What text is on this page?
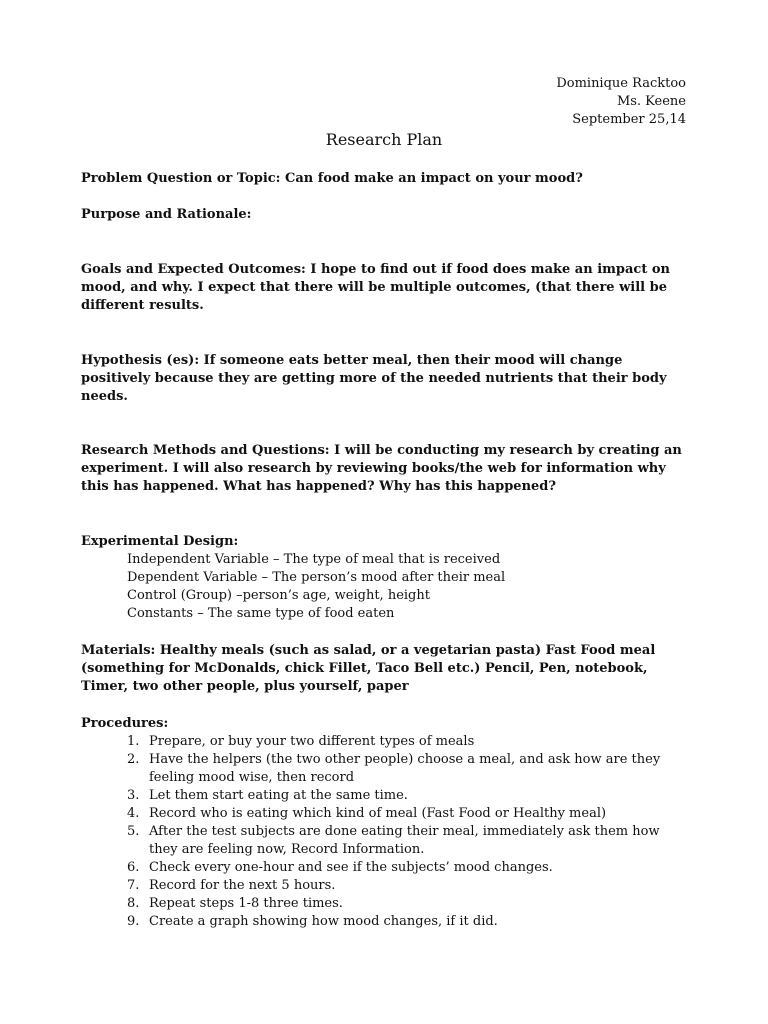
Dominique Racktoo
Ms. Keene
September 25,14
Research Plan
Problem Question or Topic: Can food make an impact on your mood?
Purpose and Rationale:
Goals and Expected Outcomes: I hope to find out if food does make an impact on mood, and why. I expect that there will be multiple outcomes, (that there will be different results.
Hypothesis (es): If someone eats better meal, then their mood will change positively because they are getting more of the needed nutrients that their body needs.
Research Methods and Questions: I will be conducting my research by creating an experiment. I will also research by reviewing books/the web for information why this has happened. What has happened? Why has this happened?
Experimental Design:
Independent Variable – The type of meal that is received
Dependent Variable – The person’s mood after their meal
Control (Group) –person’s age, weight, height
Constants – The same type of food eaten
Materials: Healthy meals (such as salad, or a vegetarian pasta) Fast Food meal (something for McDonalds, chick Fillet, Taco Bell etc.) Pencil, Pen, notebook, Timer, two other people, plus yourself, paper
Procedures:
1. Prepare, or buy your two different types of meals
2. Have the helpers (the two other people) choose a meal, and ask how are they feeling mood wise, then record
3. Let them start eating at the same time.
4. Record who is eating which kind of meal (Fast Food or Healthy meal)
5. After the test subjects are done eating their meal, immediately ask them how they are feeling now, Record Information.
6. Check every one-hour and see if the subjects’ mood changes.
7. Record for the next 5 hours.
8. Repeat steps 1-8 three times.
9. Create a graph showing how mood changes, if it did.
